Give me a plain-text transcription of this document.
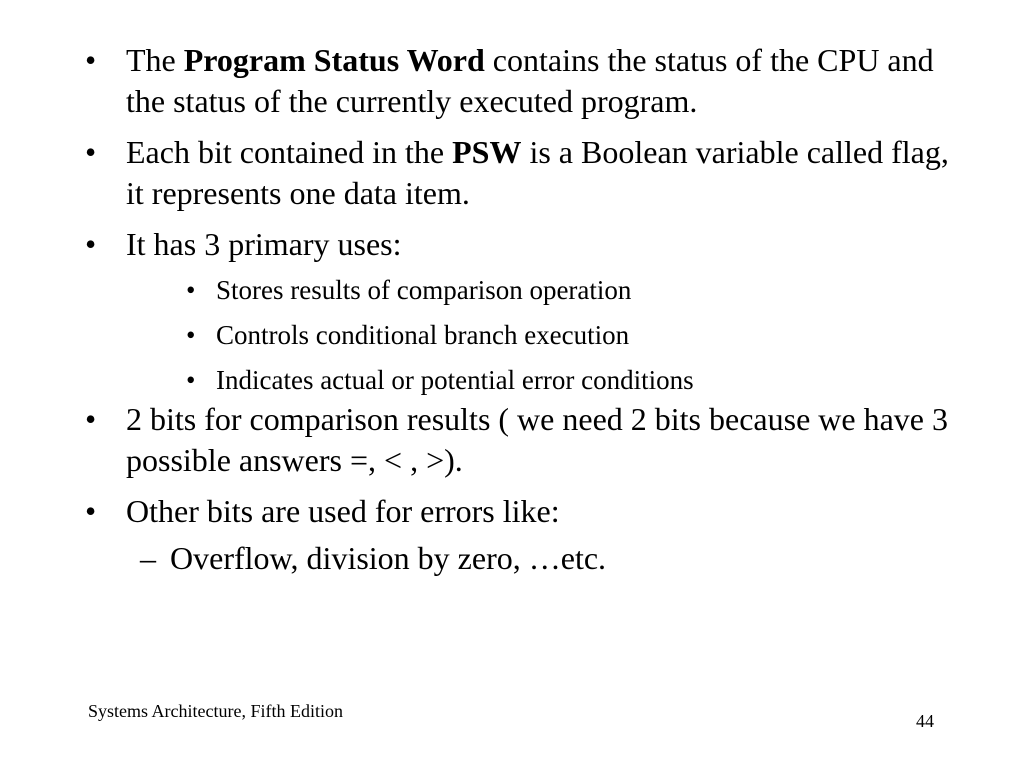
• The Program Status Word contains the status of the CPU and the status of the currently executed program.
• Each bit contained in the PSW is a Boolean variable called flag, it represents one data item.
• It has 3 primary uses:
• Stores results of comparison operation
• Controls conditional branch execution
• Indicates actual or potential error conditions
• 2 bits for comparison results ( we need 2 bits because we have 3 possible answers =, < , >).
• Other bits are used for errors like:
– Overflow, division by zero, …etc.
Systems Architecture, Fifth Edition	44
